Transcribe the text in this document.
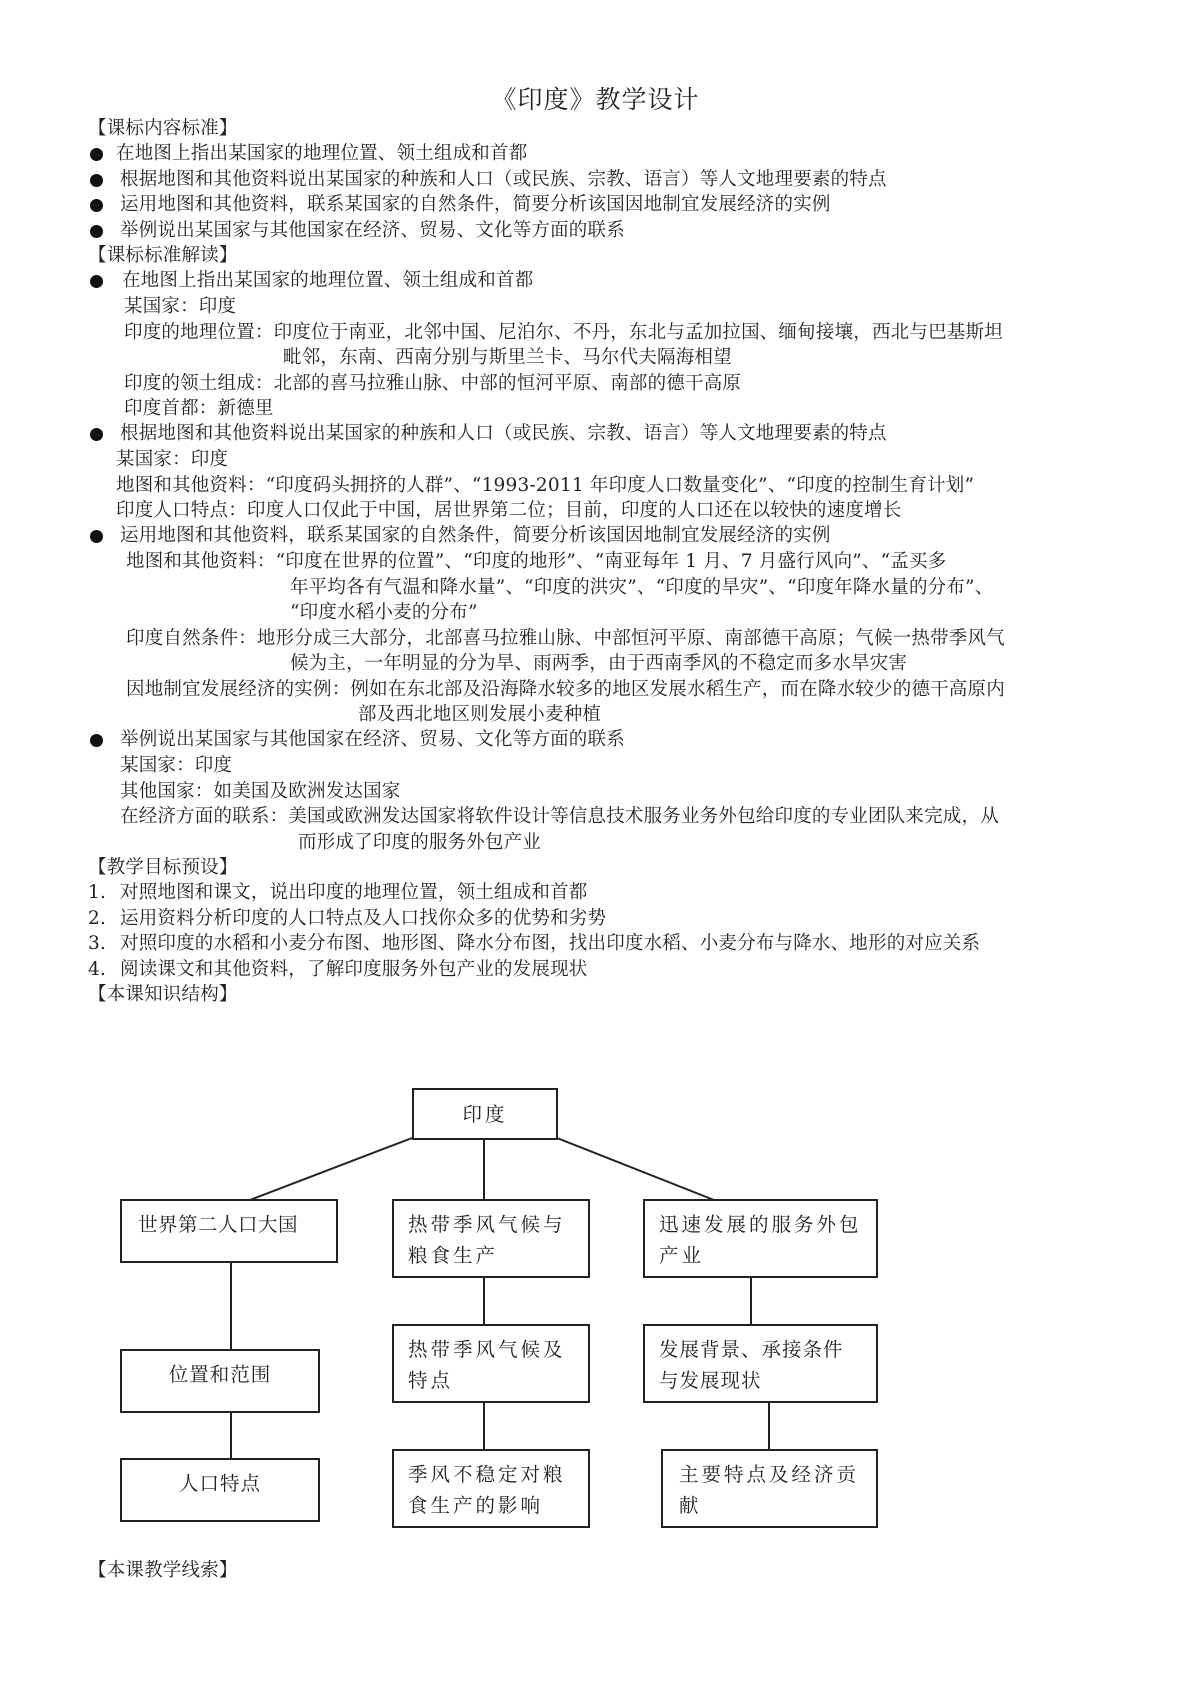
《印度》教学设计
【课标内容标准】
在地图上指出某国家的地理位置、领土组成和首都
根据地图和其他资料说出某国家的种族和人口（或民族、宗教、语言）等人文地理要素的特点
运用地图和其他资料，联系某国家的自然条件，简要分析该国因地制宜发展经济的实例
举例说出某国家与其他国家在经济、贸易、文化等方面的联系
【课标标准解读】
在地图上指出某国家的地理位置、领土组成和首都
某国家：印度
印度的地理位置：印度位于南亚，北邻中国、尼泊尔、不丹，东北与孟加拉国、缅甸接壤，西北与巴基斯坦
毗邻，东南、西南分别与斯里兰卡、马尔代夫隔海相望
印度的领土组成：北部的喜马拉雅山脉、中部的恒河平原、南部的德干高原
印度首都：新德里
根据地图和其他资料说出某国家的种族和人口（或民族、宗教、语言）等人文地理要素的特点
某国家：印度
地图和其他资料：“印度码头拥挤的人群”、“1993-2011 年印度人口数量变化”、“印度的控制生育计划”
印度人口特点：印度人口仅此于中国，居世界第二位；目前，印度的人口还在以较快的速度增长
运用地图和其他资料，联系某国家的自然条件，简要分析该国因地制宜发展经济的实例
地图和其他资料：“印度在世界的位置”、“印度的地形”、“南亚每年 1 月、7 月盛行风向”、“孟买多
年平均各有气温和降水量”、“印度的洪灾”、“印度的旱灾”、“印度年降水量的分布”、
“印度水稻小麦的分布”
印度自然条件：地形分成三大部分，北部喜马拉雅山脉、中部恒河平原、南部德干高原；气候一热带季风气
候为主，一年明显的分为旱、雨两季，由于西南季风的不稳定而多水旱灾害
因地制宜发展经济的实例：例如在东北部及沿海降水较多的地区发展水稻生产，而在降水较少的德干高原内
部及西北地区则发展小麦种植
举例说出某国家与其他国家在经济、贸易、文化等方面的联系
某国家：印度
其他国家：如美国及欧洲发达国家
在经济方面的联系：美国或欧洲发达国家将软件设计等信息技术服务业务外包给印度的专业团队来完成，从
而形成了印度的服务外包产业
【教学目标预设】
1. 对照地图和课文，说出印度的地理位置，领土组成和首都
2. 运用资料分析印度的人口特点及人口找你众多的优势和劣势
3. 对照印度的水稻和小麦分布图、地形图、降水分布图，找出印度水稻、小麦分布与降水、地形的对应关系
4. 阅读课文和其他资料，了解印度服务外包产业的发展现状
【本课知识结构】
印度
世界第二人口大国
位置和范围
人口特点
热带季风气候与粮食生产
热带季风气候及特点
季风不稳定对粮食生产的影响
迅速发展的服务外包产业
发展背景、承接条件与发展现状
主要特点及经济贡献
【本课教学线索】
